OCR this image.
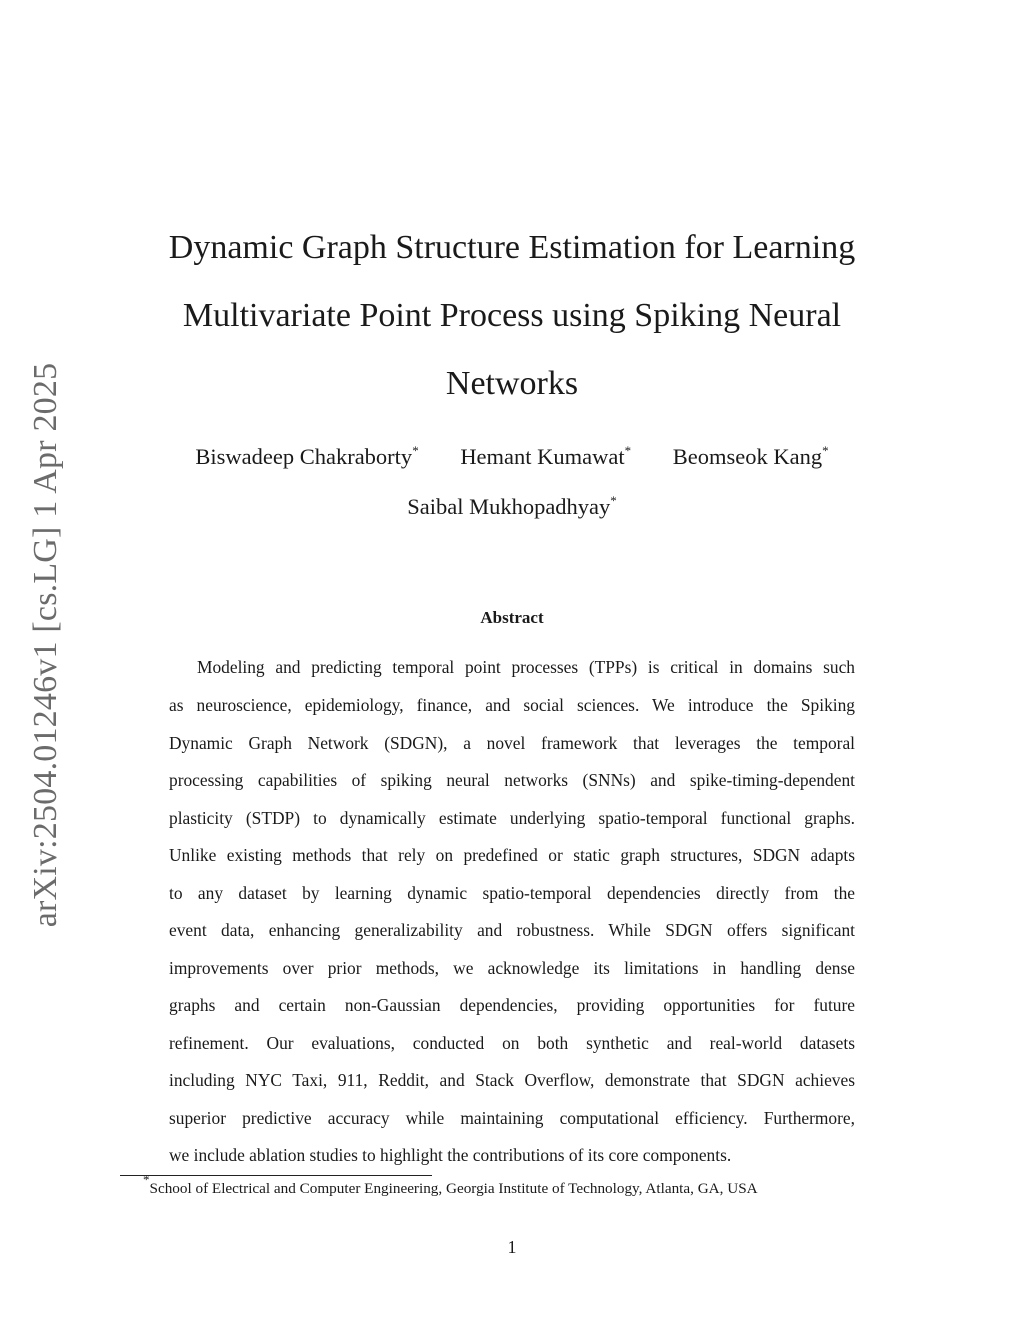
arXiv:2504.01246v1 [cs.LG] 1 Apr 2025
Dynamic Graph Structure Estimation for Learning
Multivariate Point Process using Spiking Neural
Networks
Biswadeep Chakraborty* Hemant Kumawat* Beomseok Kang*
Saibal Mukhopadhyay*
Abstract
Modeling and predicting temporal point processes (TPPs) is critical in domains such
as neuroscience, epidemiology, finance, and social sciences. We introduce the Spiking
Dynamic Graph Network (SDGN), a novel framework that leverages the temporal
processing capabilities of spiking neural networks (SNNs) and spike-timing-dependent
plasticity (STDP) to dynamically estimate underlying spatio-temporal functional graphs.
Unlike existing methods that rely on predefined or static graph structures, SDGN adapts
to any dataset by learning dynamic spatio-temporal dependencies directly from the
event data, enhancing generalizability and robustness. While SDGN offers significant
improvements over prior methods, we acknowledge its limitations in handling dense
graphs and certain non-Gaussian dependencies, providing opportunities for future
refinement. Our evaluations, conducted on both synthetic and real-world datasets
including NYC Taxi, 911, Reddit, and Stack Overflow, demonstrate that SDGN achieves
superior predictive accuracy while maintaining computational efficiency. Furthermore,
we include ablation studies to highlight the contributions of its core components.
*School of Electrical and Computer Engineering, Georgia Institute of Technology, Atlanta, GA, USA
1
